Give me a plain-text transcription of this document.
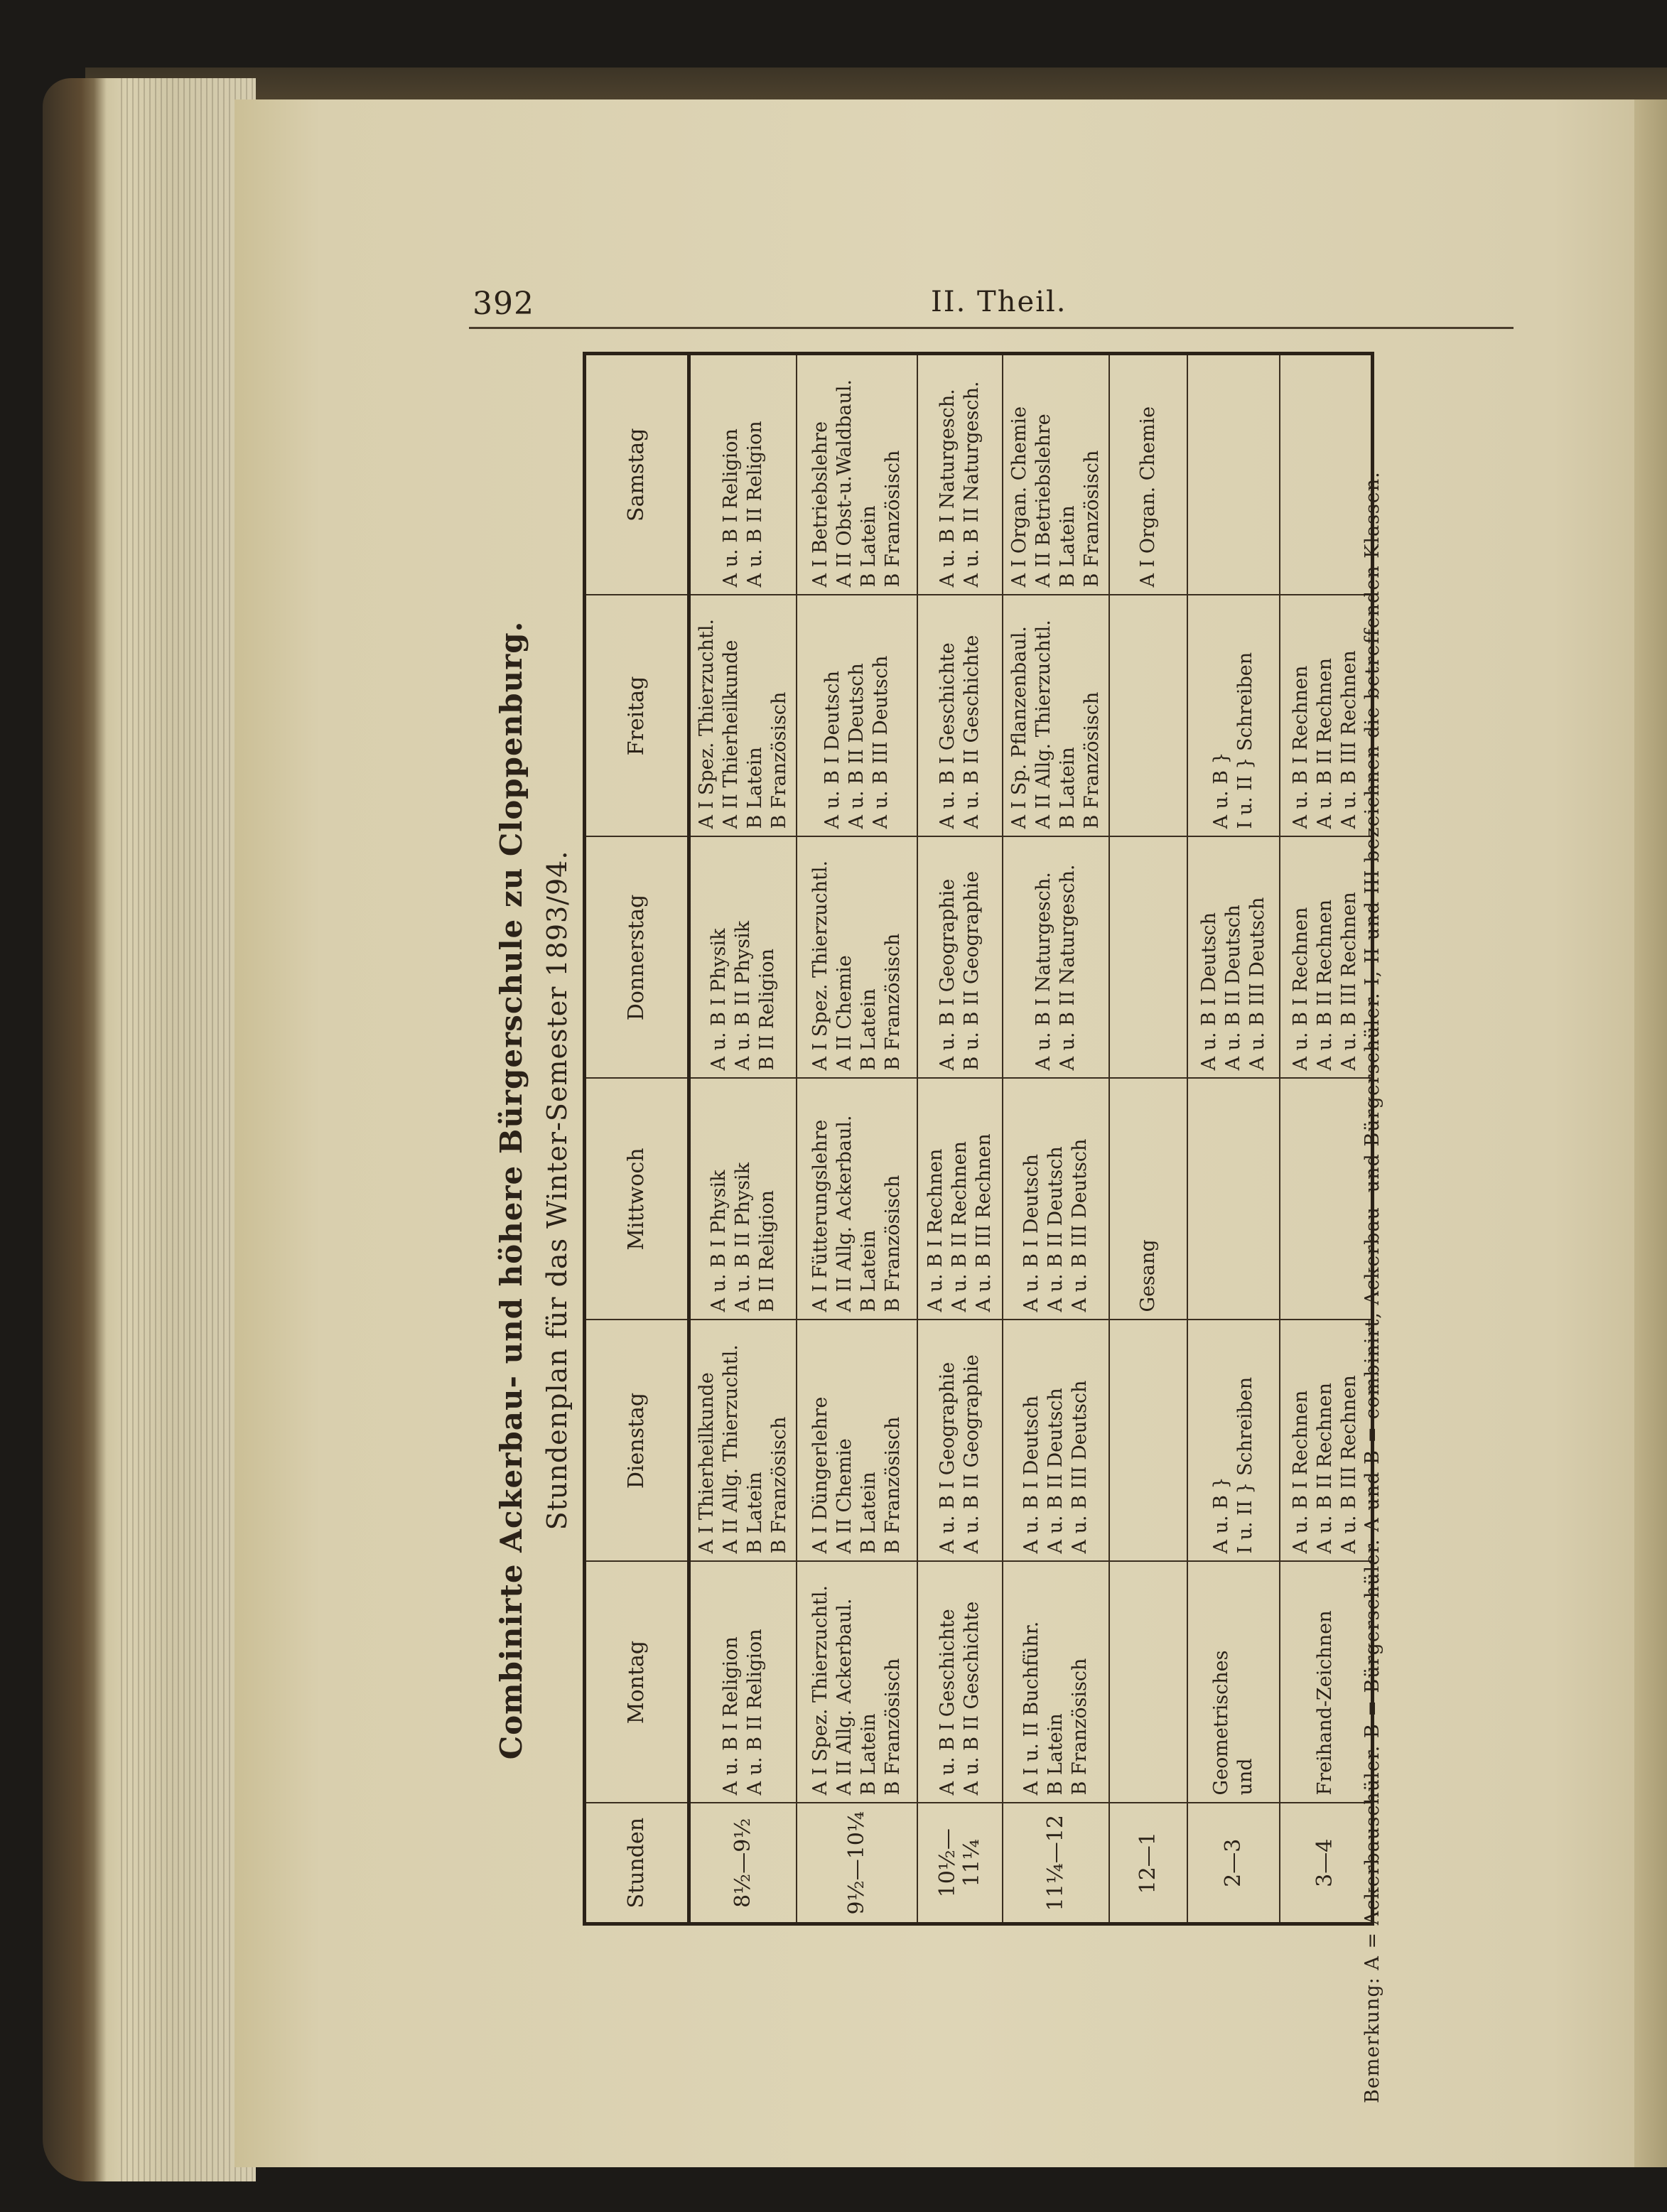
392	II. Theil.
Combinirte Ackerbau- und höhere Bürgerschule zu Cloppenburg. Stundenplan für das Winter-Semester 1893/94.
Stunden	Montag	Dienstag	Mittwoch	Donnerstag	Freitag	Samstag
8½—9½	A u. B I Religion A u. B II Religion	A I Thierheilkunde A II Allg. Thierzuchtl. B Latein B Französisch	A u. B I Physik A u. B II Physik B II Religion	A u. B I Physik A u. B II Physik B II Religion	A I Spez. Thierzuchtl. A II Thierheilkunde B Latein B Französisch	A u. B I Religion A u. B II Religion

9½—10¼	A I Spez. Thierzuchtl. A II Allg. Ackerbaul. B Latein B Französisch	A I Düngerlehre A II Chemie B Latein B Französisch	A I Fütterungslehre A II Allg. Ackerbaul. B Latein B Französisch	A I Spez. Thierzuchtl. A II Chemie B Latein B Französisch	A u. B I Deutsch A u. B II Deutsch A u. B III Deutsch	A I Betriebslehre A II Obst-u.Waldbaul. B Latein B Französisch

10½—11¼	A u. B I Geschichte A u. B II Geschichte	A u. B I Geographie A u. B II Geographie	A u. B I Rechnen A u. B II Rechnen A u. B III Rechnen	A u. B I Geographie B u. B II Geographie	A u. B I Geschichte A u. B II Geschichte	A u. B I Naturgesch. A u. B II Naturgesch.

11¼—12	A I u. II Buchführ. B Latein B Französisch	A u. B I Deutsch A u. B II Deutsch A u. B III Deutsch	A u. B I Deutsch A u. B II Deutsch A u. B III Deutsch	A u. B I Naturgesch. A u. B II Naturgesch.	A I Sp. Pflanzenbaul. A II Allg. Thierzuchtl. B Latein B Französisch	A I Organ. Chemie A II Betriebslehre B Latein B Französisch

12—1			Gesang			A I Organ. Chemie

2—3	Geometrisches und	A u. B } I u. II } Schreiben		A u. B I Deutsch A u. B II Deutsch A u. B III Deutsch	A u. B } I u. II } Schreiben	

3—4	Freihand-Zeichnen	A u. B I Rechnen A u. B II Rechnen A u. B III Rechnen		A u. B I Rechnen A u. B II Rechnen A u. B III Rechnen	A u. B I Rechnen A u. B II Rechnen A u. B III Rechnen	
	Bemerkung: A = Ackerbauschüler. B = Bürgerschüler. A und B = combinirt, Ackerbau- und Bürgerschüler. I, II und III bezeichnen die betreffenden Klassen.
